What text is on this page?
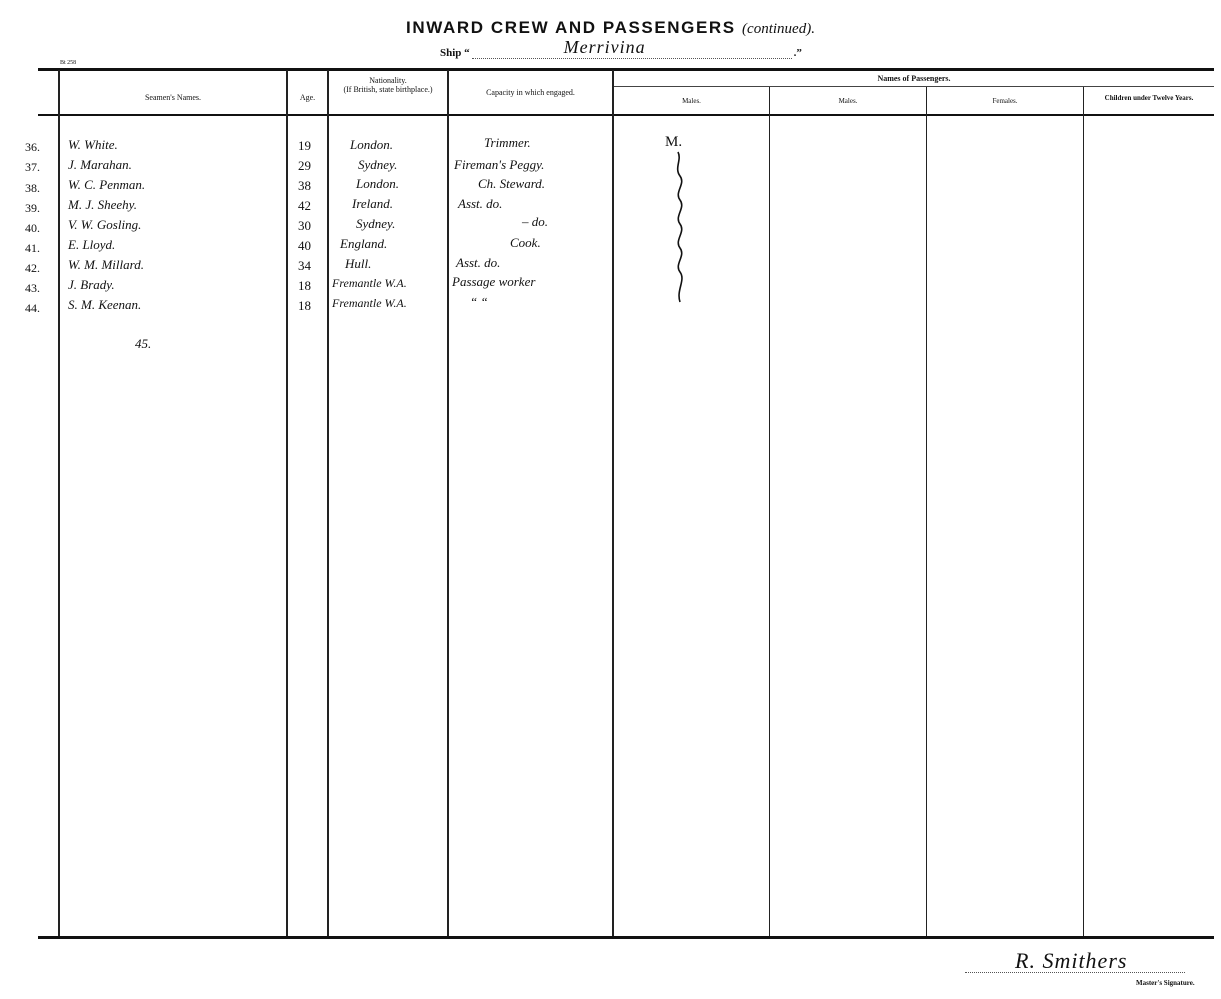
INWARD CREW AND PASSENGERS (continued).
Ship “	Merrivina	.”
Bt 258
Seamen's Names.	Age.
Nationality.
(If British, state birthplace.)	Capacity in which engaged.
Names of Passengers.
Males.	Males.	Females.	Children under Twelve Years.
36. W. White.	19	London.	Trimmer.
37. J. Marahan.	29	Sydney.	Fireman's Peggy.
38. W. C. Penman.	38	London.	Ch. Steward.
39. M. J. Sheehy.	42	Ireland.	Asst. do.
40. V. W. Gosling.	30	Sydney.	– do.
41. E. Lloyd.	40 England.	Cook.
42. W. M. Millard.	34	Hull.	Asst. do.
43. J. Brady.	18 Fremantle W.A.	Passage worker
44. S. M. Keenan.	18 Fremantle W.A.	“ “
M.
45.
R. Smithers
Master's Signature.
